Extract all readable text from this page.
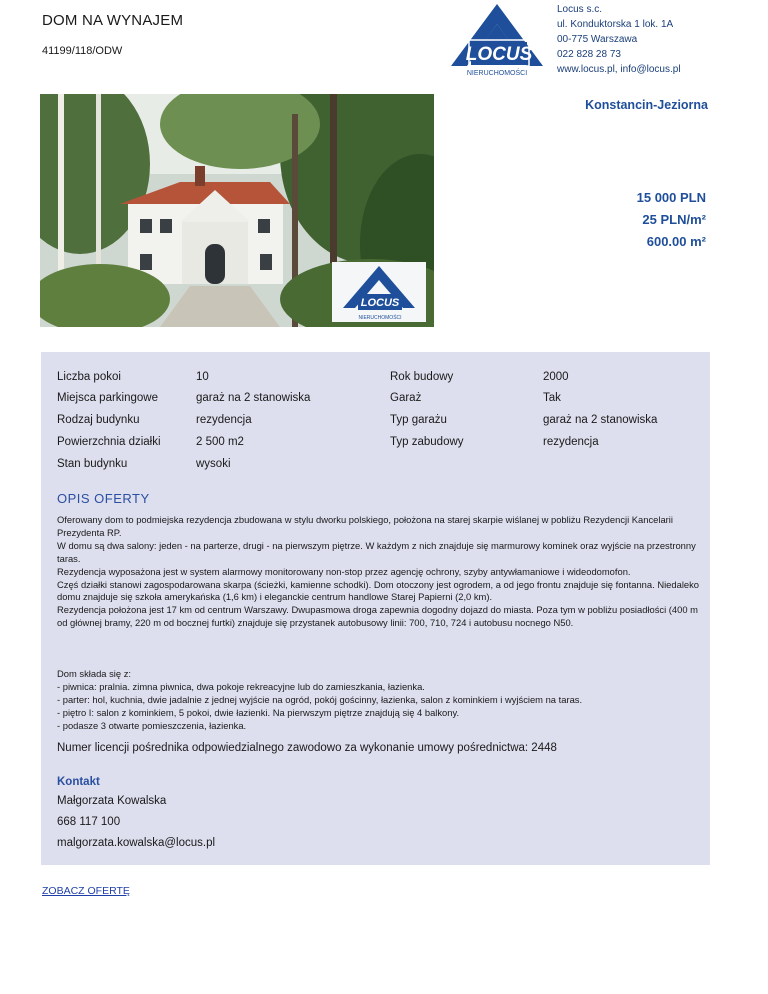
DOM NA WYNAJEM
41199/118/ODW	LOCUS
NIERUCHOMOŚCI
Locus s.c.
ul. Konduktorska 1 lok. 1A
00-775 Warszawa
022 828 28 73
www.locus.pl, info@locus.pl
LOCUS
NIERUCHOMOŚCI
Konstancin-Jeziorna
15 000 PLN
25 PLN/m²
600.00 m²
Liczba pokoi	10	Rok budowy	2000
Miejsca parkingowe	garaż na 2 stanowiska	Garaż	Tak
Rodzaj budynku	rezydencja	Typ garażu	garaż na 2 stanowiska
Powierzchnia działki	2 500 m2	Typ zabudowy	rezydencja
Stan budynku	wysoki
OPIS OFERTY

Oferowany dom to podmiejska rezydencja zbudowana w stylu dworku polskiego, położona na starej skarpie wiślanej w pobliżu Rezydencji Kancelarii Prezydenta RP.
W domu są dwa salony: jeden - na parterze, drugi - na pierwszym piętrze. W każdym z nich znajduje się marmurowy kominek oraz wyjście na przestronny taras.
Rezydencja wyposażona jest w system alarmowy monitorowany non-stop przez agencję ochrony, szyby antywłamaniowe i wideodomofon.
Częś działki stanowi zagospodarowana skarpa (ścieżki, kamienne schodki). Dom otoczony jest ogrodem, a od jego frontu znajduje się fontanna. Niedaleko domu znajduje się szkoła amerykańska (1,6 km) i eleganckie centrum handlowe Starej Papierni (2,0 km).
Rezydencja położona jest 17 km od centrum Warszawy. Dwupasmowa droga zapewnia dogodny dojazd do miasta. Poza tym w pobliżu posiadłości (400 m od głównej bramy, 220 m od bocznej furtki) znajduje się przystanek autobusowy linii: 700, 710, 724 i autobusu nocnego N50.

Dom składa się z:
- piwnica: pralnia. zimna piwnica, dwa pokoje rekreacyjne lub do zamieszkania, łazienka.
- parter: hol, kuchnia, dwie jadalnie z jednej wyjście na ogród, pokój gościnny, łazienka, salon z kominkiem i wyjściem na taras.
- piętro I: salon z kominkiem, 5 pokoi, dwie łazienki. Na pierwszym piętrze znajdują się 4 balkony.
- podasze 3 otwarte pomieszczenia, łazienka.
Numer licencji pośrednika odpowiedzialnego zawodowo za wykonanie umowy pośrednictwa: 2448
Kontakt
Małgorzata Kowalska
668 117 100
malgorzata.kowalska@locus.pl
ZOBACZ OFERTĘ
